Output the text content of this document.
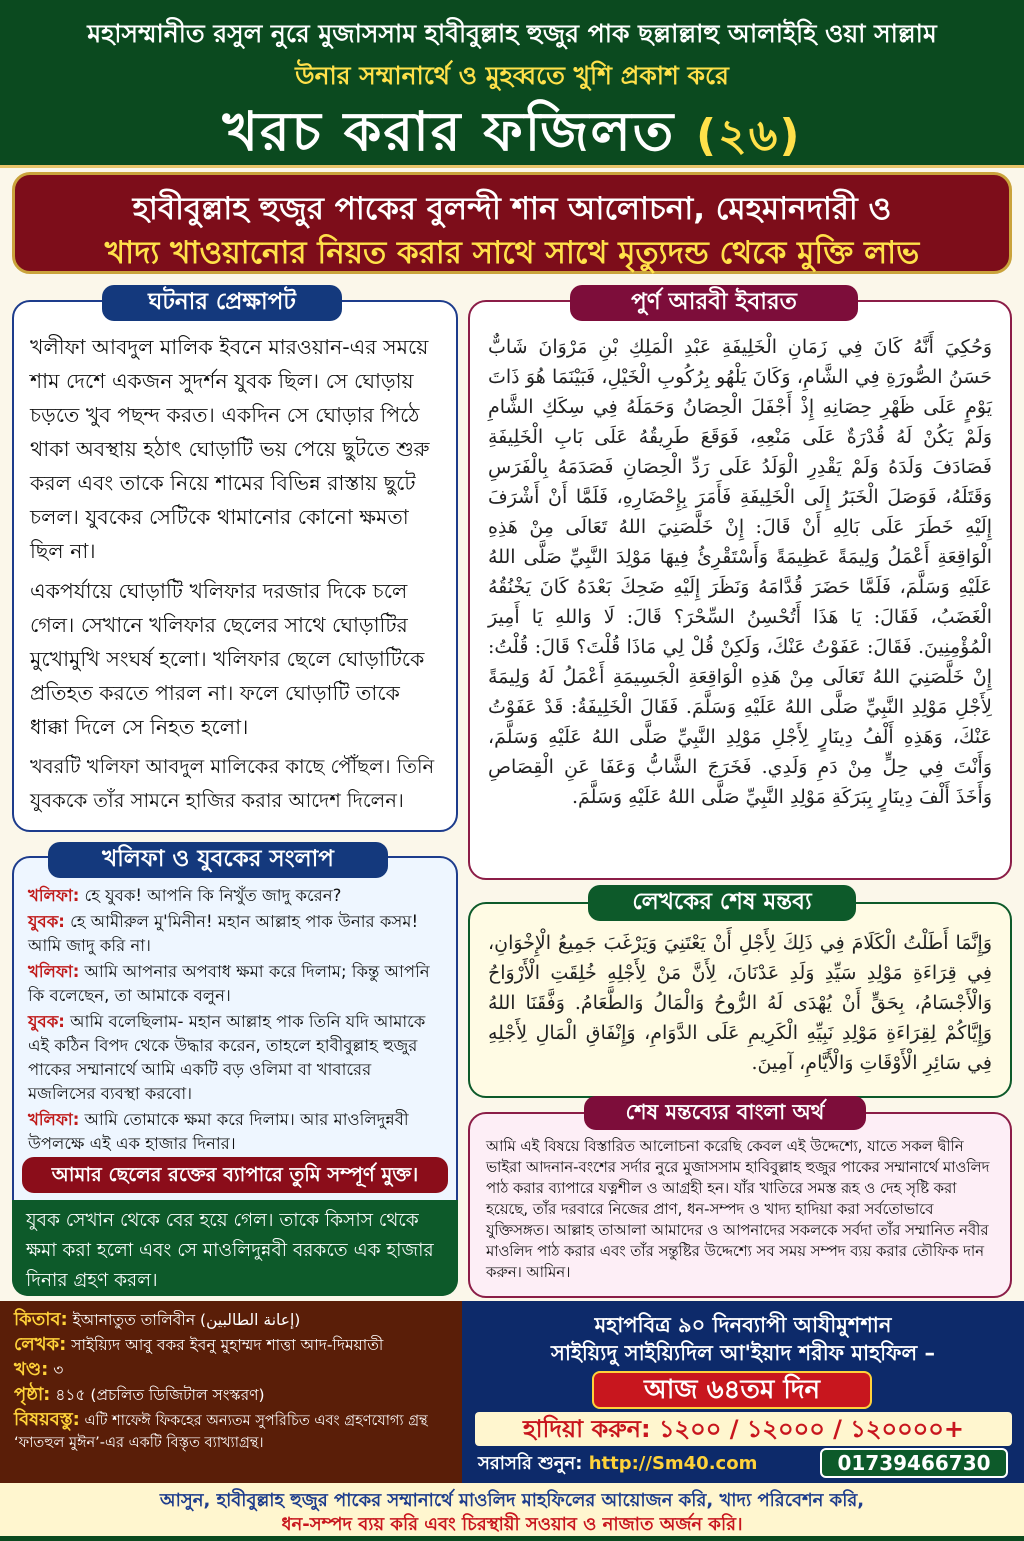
মহাসম্মানীত রসুল নুরে মুজাসসাম হাবীবুল্লাহ হুজুর পাক ছল্লাল্লাহু আলাইহি ওয়া সাল্লাম
উনার সম্মানার্থে ও মুহব্বতে খুশি প্রকাশ করে
খরচ করার ফজিলত (২৬)
হাবীবুল্লাহ হুজুর পাকের বুলন্দী শান আলোচনা, মেহমানদারী ও
খাদ্য খাওয়ানোর নিয়ত করার সাথে সাথে মৃত্যুদন্ড থেকে মুক্তি লাভ

খলীফা আবদুল মালিক ইবনে মারওয়ান-এর সময়ে শাম দেশে একজন সুদর্শন যুবক ছিল। সে ঘোড়ায় চড়তে খুব পছন্দ করত। একদিন সে ঘোড়ার পিঠে থাকা অবস্থায় হঠাৎ ঘোড়াটি ভয় পেয়ে ছুটতে শুরু করল এবং তাকে নিয়ে শামের বিভিন্ন রাস্তায় ছুটে চলল। যুবকের সেটিকে থামানোর কোনো ক্ষমতা ছিল না।

একপর্যায়ে ঘোড়াটি খলিফার দরজার দিকে চলে গেল। সেখানে খলিফার ছেলের সাথে ঘোড়াটির মুখোমুখি সংঘর্ষ হলো। খলিফার ছেলে ঘোড়াটিকে প্রতিহত করতে পারল না। ফলে ঘোড়াটি তাকে ধাক্কা দিলে সে নিহত হলো।

খবরটি খলিফা আবদুল মালিকের কাছে পৌঁছল। তিনি যুবককে তাঁর সামনে হাজির করার আদেশ দিলেন।

ঘটনার প্রেক্ষাপট

খলিফা: হে যুবক! আপনি কি নিখুঁত জাদু করেন?

যুবক: হে আমীরুল মু'মিনীন! মহান আল্লাহ পাক উনার কসম! আমি জাদু করি না।

খলিফা: আমি আপনার অপবাধ ক্ষমা করে দিলাম; কিন্তু আপনি কি বলেছেন, তা আমাকে বলুন।

যুবক: আমি বলেছিলাম- মহান আল্লাহ পাক তিনি যদি আমাকে এই কঠিন বিপদ থেকে উদ্ধার করেন, তাহলে হাবীবুল্লাহ হুজুর পাকের সম্মানার্থে আমি একটি বড় ওলিমা বা খাবারের মজলিসের ব্যবস্থা করবো।

খলিফা: আমি তোমাকে ক্ষমা করে দিলাম। আর মাওলিদুন্নবী উপলক্ষে এই এক হাজার দিনার।

খলিফা ও যুবকের সংলাপ
আমার ছেলের রক্তের ব্যাপারে তুমি সম্পূর্ণ মুক্ত।
যুবক সেখান থেকে বের হয়ে গেল। তাকে কিসাস থেকে ক্ষমা করা হলো এবং সে মাওলিদুন্নবী বরকতে এক হাজার দিনার গ্রহণ করল।
وَحُكِيَ أَنَّهُ كَانَ فِي زَمَانِ الْخَلِيفَةِ عَبْدِ الْمَلِكِ بْنِ مَرْوَانَ شَابٌّ حَسَنُ الصُّورَةِ فِي الشَّامِ، وَكَانَ يَلْهُو بِرُكُوبِ الْخَيْلِ، فَبَيْنَمَا هُوَ ذَاتَ يَوْمٍ عَلَى ظَهْرِ حِصَانِهِ إِذْ أَجْفَلَ الْحِصَانُ وَحَمَلَهُ فِي سِكَكِ الشَّامِ وَلَمْ يَكُنْ لَهُ قُدْرَةٌ عَلَى مَنْعِهِ، فَوَقَعَ طَرِيقُهُ عَلَى بَابِ الْخَلِيفَةِ فَصَادَفَ وَلَدَهُ وَلَمْ يَقْدِرِ الْوَلَدُ عَلَى رَدِّ الْحِصَانِ فَصَدَمَهُ بِالْفَرَسِ وَقَتَلَهُ، فَوَصَلَ الْخَبَرُ إِلَى الْخَلِيفَةِ فَأَمَرَ بِإِحْضَارِهِ، فَلَمَّا أَنْ أَشْرَفَ إِلَيْهِ خَطَرَ عَلَى بَالِهِ أَنْ قَالَ: إِنْ خَلَّصَنِيَ اللهُ تَعَالَى مِنْ هَذِهِ الْوَاقِعَةِ أَعْمَلُ وَلِيمَةً عَظِيمَةً وَأَسْتَقْرِئُ فِيهَا مَوْلِدَ النَّبِيِّ صَلَّى اللهُ عَلَيْهِ وَسَلَّمَ، فَلَمَّا حَضَرَ قُدَّامَهُ وَنَظَرَ إِلَيْهِ ضَحِكَ بَعْدَهُ كَانَ يَخْنُقُهُ الْغَضَبُ، فَقَالَ: يَا هَذَا أَتُحْسِنُ السِّحْرَ؟ قَالَ: لَا وَاللهِ يَا أَمِيرَ الْمُؤْمِنِينَ. فَقَالَ: عَفَوْتُ عَنْكَ، وَلَكِنْ قُلْ لِي مَاذَا قُلْتَ؟ قَالَ: قُلْتُ: إِنْ خَلَّصَنِيَ اللهُ تَعَالَى مِنْ هَذِهِ الْوَاقِعَةِ الْجَسِيمَةِ أَعْمَلُ لَهُ وَلِيمَةً لِأَجْلِ مَوْلِدِ النَّبِيِّ صَلَّى اللهُ عَلَيْهِ وَسَلَّمَ. فَقَالَ الْخَلِيفَةُ: قَدْ عَفَوْتُ عَنْكَ، وَهَذِهِ أَلْفُ دِينَارٍ لِأَجْلِ مَوْلِدِ النَّبِيِّ صَلَّى اللهُ عَلَيْهِ وَسَلَّمَ، وَأَنْتَ فِي حِلٍّ مِنْ دَمِ وَلَدِي. فَخَرَجَ الشَّابُّ وَعَفَا عَنِ الْقِصَاصِ وَأَخَذَ أَلْفَ دِينَارٍ بِبَرَكَةِ مَوْلِدِ النَّبِيِّ صَلَّى اللهُ عَلَيْهِ وَسَلَّمَ.
পুর্ণ আরবী ইবারত
وَإِنَّمَا أَطَلْتُ الْكَلَامَ فِي ذَلِكَ لِأَجْلِ أَنْ يَعْتَنِيَ وَيَرْغَبَ جَمِيعُ الْإِخْوَانِ، فِي قِرَاءَةِ مَوْلِدِ سَيِّدِ وَلَدِ عَدْنَانَ، لِأَنَّ مَنْ لِأَجْلِهِ خُلِقَتِ الْأَرْوَاحُ وَالْأَجْسَامُ، بِحَقٍّ أَنْ يُهْدَى لَهُ الرُّوحُ وَالْمَالُ وَالطَّعَامُ. وَفَّقَنَا اللهُ وَإِيَّاكُمْ لِقِرَاءَةِ مَوْلِدِ نَبِيِّهِ الْكَرِيمِ عَلَى الدَّوَامِ، وَإِنْفَاقِ الْمَالِ لِأَجْلِهِ فِي سَائِرِ الْأَوْقَاتِ وَالْأَيَّامِ، آمِينَ.
লেখকের শেষ মন্তব্য

আমি এই বিষয়ে বিস্তারিত আলোচনা করেছি কেবল এই উদ্দেশ্যে, যাতে সকল দ্বীনি ভাইরা আদনান-বংশের সর্দার নুরে মুজাসসাম হাবিবুল্লাহ হুজুর পাকের সম্মানার্থে মাওলিদ পাঠ করার ব্যাপারে যত্নশীল ও আগ্রহী হন। যাঁর খাতিরে সমস্ত রূহ ও দেহ সৃষ্টি করা হয়েছে, তাঁর দরবারে নিজের প্রাণ, ধন-সম্পদ ও খাদ্য হাদিয়া করা সর্বতোভাবে যুক্তিসঙ্গত। আল্লাহ তাআলা আমাদের ও আপনাদের সকলকে সর্বদা তাঁর সম্মানিত নবীর মাওলিদ পাঠ করার এবং তাঁর সন্তুষ্টির উদ্দেশ্যে সব সময় সম্পদ ব্যয় করার তৌফিক দান করুন। আমিন।

শেষ মন্তব্যের বাংলা অর্থ

কিতাব: ইআনাতুত তালিবীন (إعانة الطالبين)

লেখক: সাইয়্যিদ আবু বকর ইবনু মুহাম্মদ শাত্তা আদ-দিময়াতী

খণ্ড: ৩

পৃষ্ঠা: ৪১৫ (প্রচলিত ডিজিটাল সংস্করণ)

বিষয়বস্তু: এটি শাফেঈ ফিকহের অন্যতম সুপরিচিত এবং গ্রহণযোগ্য গ্রন্থ ‘ফাতহুল মুঈন’-এর একটি বিস্তৃত ব্যাখ্যাগ্রন্থ।

মহাপবিত্র ৯০ দিনব্যাপী আযীমুশশান
সাইয়্যিদু সাইয়্যিদিল আ'ইয়াদ শরীফ মাহফিল –
আজ ৬৪তম দিন
হাদিয়া করুন: ১২০০ / ১২০০০ / ১২০০০০+
সরাসরি শুনুন: http://Sm40.com	01739466730
আসুন, হাবীবুল্লাহ হুজুর পাকের সম্মানার্থে মাওলিদ মাহফিলের আয়োজন করি, খাদ্য পরিবেশন করি,
ধন-সম্পদ ব্যয় করি এবং চিরস্থায়ী সওয়াব ও নাজাত অর্জন করি।
